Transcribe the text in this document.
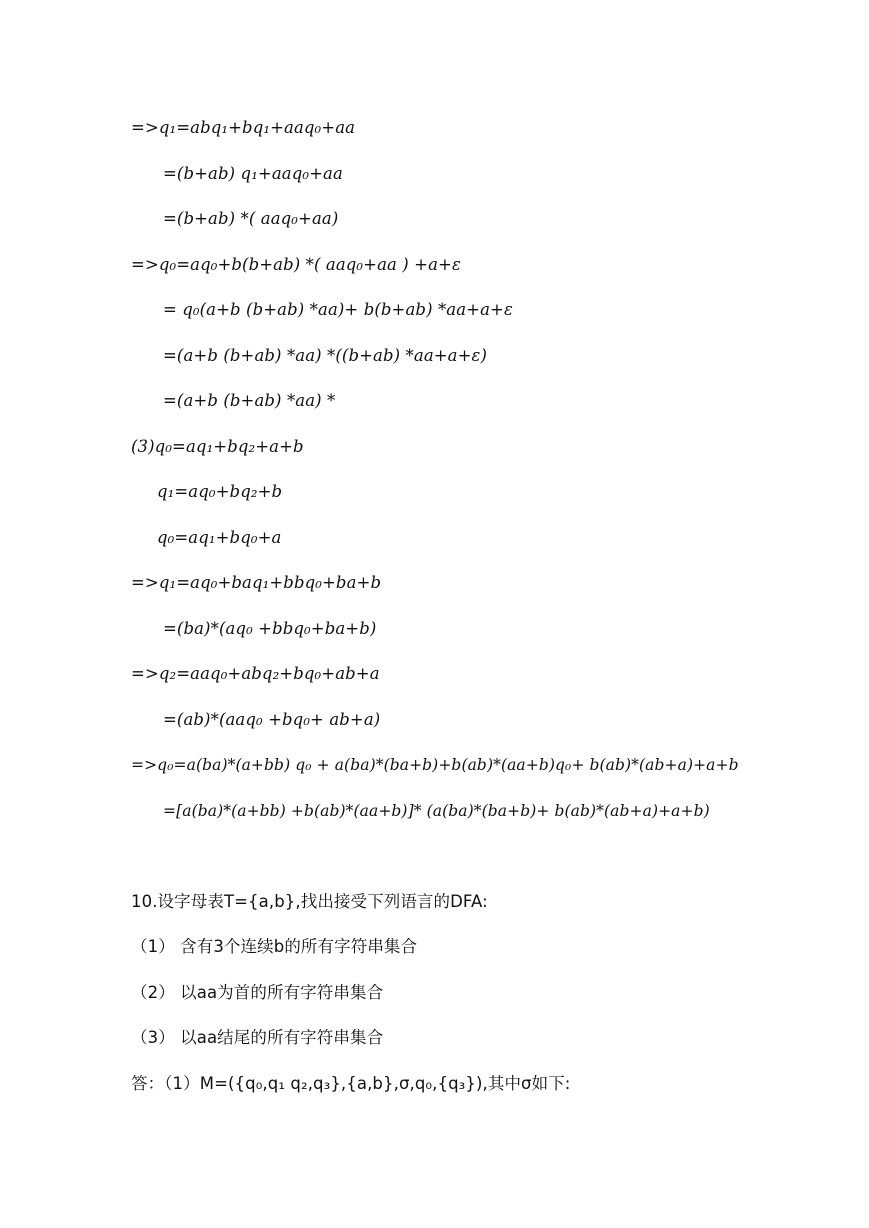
=>q₁=abq₁+bq₁+aaq₀+aa
=(b+ab) q₁+aaq₀+aa
=(b+ab) *( aaq₀+aa)
=>q₀=aq₀+b(b+ab) *( aaq₀+aa ) +a+ε
= q₀(a+b (b+ab) *aa)+ b(b+ab) *aa+a+ε
=(a+b (b+ab) *aa) *((b+ab) *aa+a+ε)
=(a+b (b+ab) *aa) *
(3)q₀=aq₁+bq₂+a+b
q₁=aq₀+bq₂+b
q₀=aq₁+bq₀+a
=>q₁=aq₀+baq₁+bbq₀+ba+b
=(ba)*(aq₀ +bbq₀+ba+b)
=>q₂=aaq₀+abq₂+bq₀+ab+a
=(ab)*(aaq₀ +bq₀+ ab+a)
=>q₀=a(ba)*(a+bb) q₀ + a(ba)*(ba+b)+b(ab)*(aa+b)q₀+ b(ab)*(ab+a)+a+b
=[a(ba)*(a+bb) +b(ab)*(aa+b)]* (a(ba)*(ba+b)+ b(ab)*(ab+a)+a+b)
10.设字母表T={a,b},找出接受下列语言的DFA:
（1） 含有3个连续b的所有字符串集合
（2） 以aa为首的所有字符串集合
（3） 以aa结尾的所有字符串集合
答：（1）M=({q₀,q₁ q₂,q₃},{a,b},σ,q₀,{q₃}),其中σ如下:
